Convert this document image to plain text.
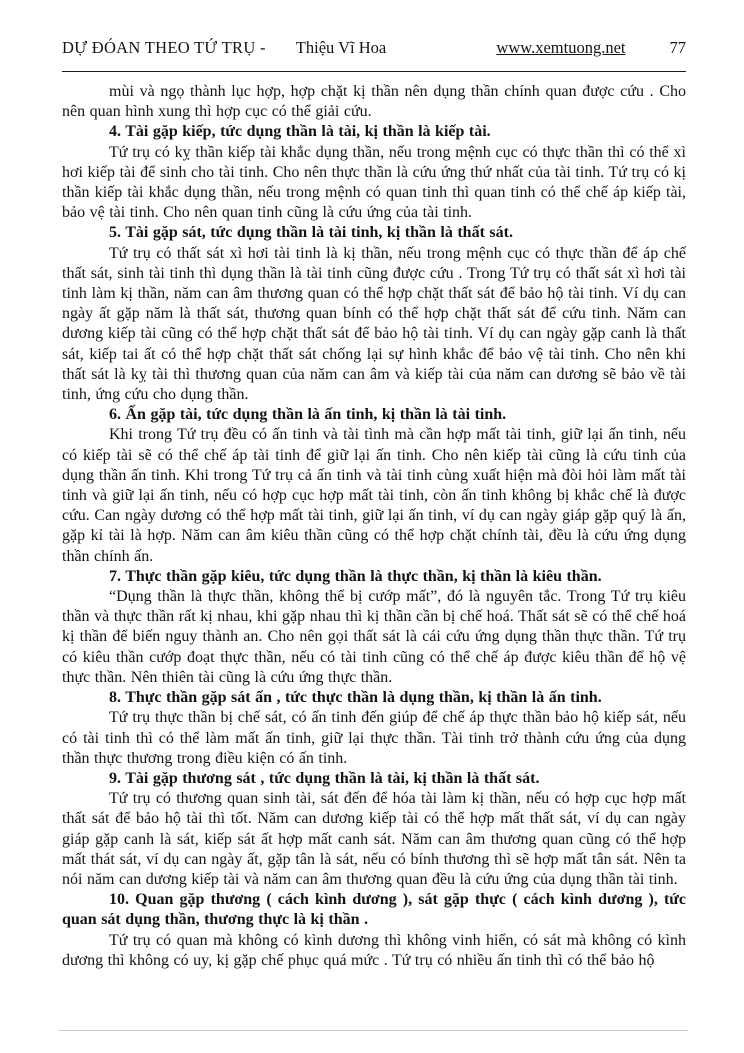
DỰ ĐÓAN THEO TỨ TRỤ - Thiệu Vĩ Hoa	www.xemtuong.net	77

mùi và ngọ thành lục hợp, hợp chặt kị thần nên dụng thần chính quan được cứu . Cho nên quan hình xung thì hợp cục có thể giải cứu.

4. Tài gặp kiếp, tức dụng thần là tài, kị thần là kiếp tài.

Tứ trụ có kỵ thần kiếp tài khắc dụng thần, nếu trong mệnh cục có thực thần thì có thể xì hơi kiếp tài để sinh cho tài tinh. Cho nên thực thần là cứu ứng thứ nhất của tài tinh. Tứ trụ có kị thần kiếp tài khắc dụng thần, nếu trong mệnh có quan tinh thì quan tinh có thể chế áp kiếp tài, bảo vệ tài tinh. Cho nên quan tinh cũng là cứu ứng của tài tinh.

5. Tài gặp sát, tức dụng thần là tài tinh, kị thần là thất sát.

Tứ trụ có thất sát xì hơi tài tinh là kị thần, nếu trong mệnh cục có thực thần để áp chế thất sát, sinh tài tinh thì dụng thần là tài tinh cũng được cứu . Trong Tứ trụ có thất sát xì hơi tài tinh làm kị thần, năm can âm thương quan có thể hợp chặt thất sát để bảo hộ tài tinh. Ví dụ can ngày ất gặp năm là thất sát, thương quan bính có thể hợp chặt thất sát để cứu tinh. Năm can dương kiếp tài cũng có thể hợp chặt thất sát để bảo hộ tài tinh. Ví dụ can ngày gặp canh là thất sát, kiếp tai ất có thể hợp chặt thất sát chống lại sự hình khắc để bảo vệ tài tinh. Cho nên khi thất sát là kỵ tài thì thương quan của năm can âm và kiếp tài của năm can dương sẽ bảo về tài tinh, ứng cứu cho dụng thần.

6. Ấn gặp tài, tức dụng thần là ấn tinh, kị thần là tài tinh.

Khi trong Tứ trụ đều có ấn tinh và tài tình mà cần hợp mất tài tinh, giữ lại ấn tinh, nếu có kiếp tài sẽ có thể chế áp tài tinh để giữ lại ấn tinh. Cho nên kiếp tài cũng là cứu tinh của dụng thần ấn tinh. Khi trong Tứ trụ cả ấn tinh và tài tinh cùng xuất hiện mà đòi hỏi làm mất tài tinh và giữ lại ấn tinh, nếu có hợp cục hợp mất tài tinh, còn ấn tinh không bị khắc chế là được cứu. Can ngày dương có thể hợp mất tài tinh, giữ lại ấn tinh, ví dụ can ngày giáp gặp quý là ấn, gặp kỉ tài là hợp. Năm can âm kiêu thần cũng có thể hợp chặt chính tài, đều là cứu ứng dụng thần chính ấn.

7. Thực thần gặp kiêu, tức dụng thần là thực thần, kị thần là kiêu thần.

“Dụng thần là thực thần, không thể bị cướp mất”, đó là nguyên tắc. Trong Tứ trụ kiêu thần và thực thần rất kị nhau, khi gặp nhau thì kị thần cần bị chế hoá. Thất sát sẽ có thể chế hoá kị thần để biến nguy thành an. Cho nên gọi thất sát là cái cứu ứng dụng thần thực thần. Tứ trụ có kiêu thần cướp đoạt thực thần, nếu có tài tinh cũng có thể chế áp được kiêu thần để hộ vệ thực thần. Nên thiên tài cũng là cứu ứng thực thần.

8. Thực thần gặp sát ấn , tức thực thần là dụng thần, kị thần là ấn tinh.

Tứ trụ thực thần bị chế sát, có ấn tinh đến giúp để chế áp thực thần bảo hộ kiếp sát, nếu có tài tinh thì có thể làm mất ấn tinh, giữ lại thực thần. Tài tinh trở thành cứu ứng của dụng thần thực thương trong điều kiện có ấn tinh.

9. Tài gặp thương sát , tức dụng thần là tài, kị thần là thất sát.

Tứ trụ có thương quan sinh tài, sát đến để hóa tài làm kị thần, nếu có hợp cục hợp mất thất sát để bảo hộ tài thì tốt. Năm can dương kiếp tài có thể hợp mất thất sát, ví dụ can ngày giáp gặp canh là sát, kiếp sát ất hợp mất canh sát. Năm can âm thương quan cũng có thể hợp mất thát sát, ví dụ can ngày ất, gặp tân là sát, nếu có bính thương thì sẽ hợp mất tân sát. Nên ta nói năm can dương kiếp tài và năm can âm thương quan đều là cứu ứng của dụng thần tài tinh.

10. Quan gặp thương ( cách kình dương ), sát gặp thực ( cách kình dương ), tức quan sát dụng thần, thương thực là kị thần .

Tứ trụ có quan mà không có kình dương thì không vinh hiển, có sát mà không có kình dương thì không có uy, kị gặp chế phục quá mức . Tứ trụ có nhiều ấn tinh thì có thể bảo hộ
